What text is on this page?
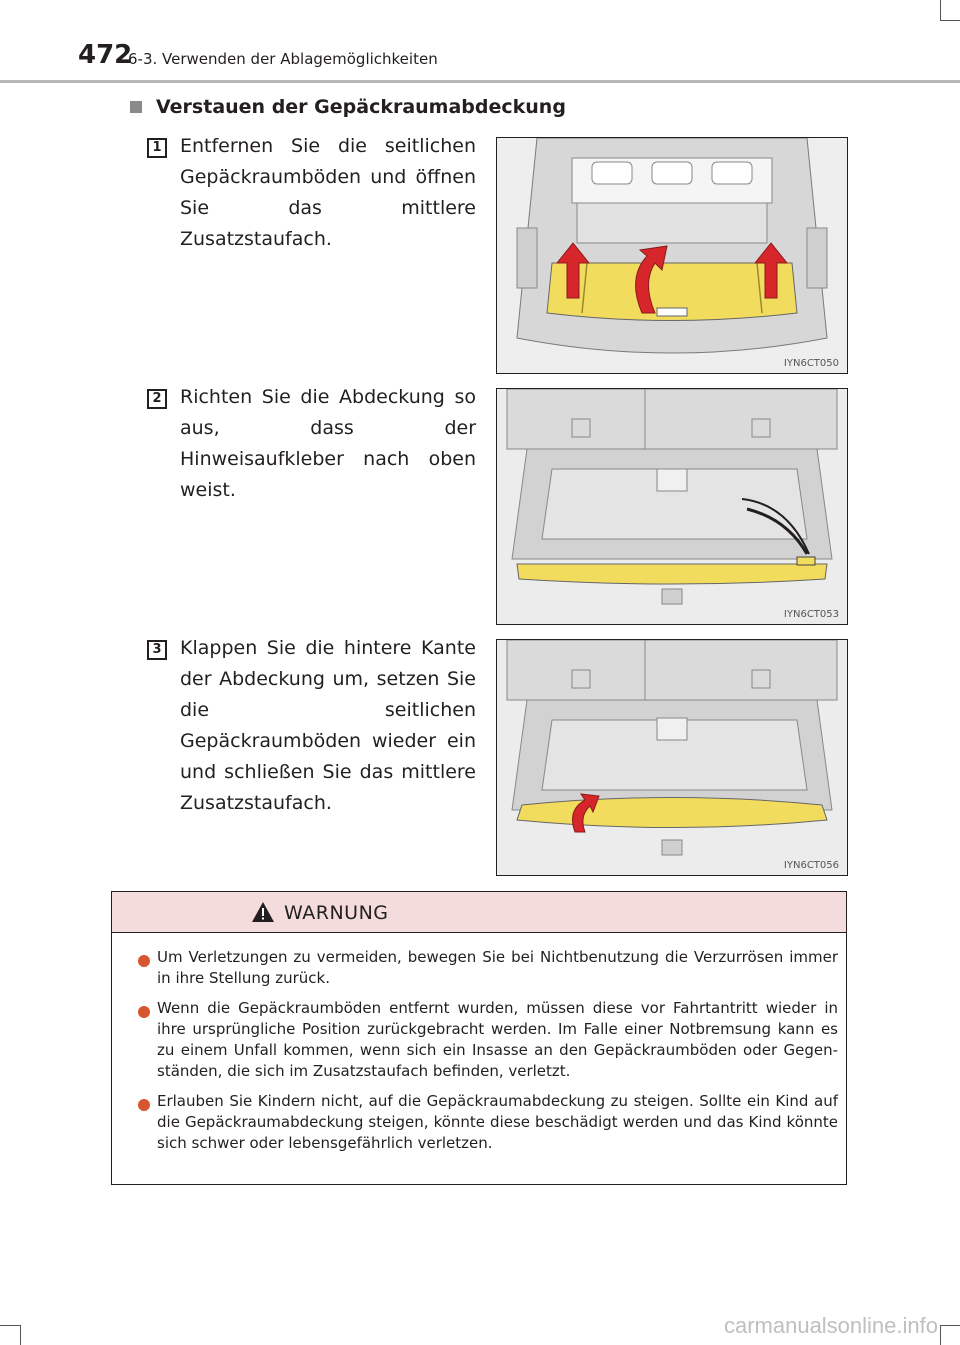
472
6-3. Verwenden der Ablagemöglichkeiten
Verstauen der Gepäckraumabdeckung
1 Entfernen Sie die seitlichen Gepäckraumböden und öffnen Sie das mittlere Zusatzstaufach.
IYN6CT050
2 Richten Sie die Abdeckung so aus, dass der Hinweisaufkleber nach oben weist.
IYN6CT053
3 Klappen Sie die hintere Kante der Abdeckung um, setzen Sie die seitlichen Gepäckraumböden wieder ein und schließen Sie das mittlere Zusatzstaufach.
IYN6CT056
WARNUNG
Um Verletzungen zu vermeiden, bewegen Sie bei Nichtbenutzung die Verzurrösen immer in ihre Stellung zurück.
Wenn die Gepäckraumböden entfernt wurden, müssen diese vor Fahrtantritt wieder in ihre ursprüngliche Position zurückgebracht werden. Im Falle einer Notbremsung kann es zu einem Unfall kommen, wenn sich ein Insasse an den Gepäckraumböden oder Gegen-ständen, die sich im Zusatzstaufach befinden, verletzt.
Erlauben Sie Kindern nicht, auf die Gepäckraumabdeckung zu steigen. Sollte ein Kind auf die Gepäckraumabdeckung steigen, könnte diese beschädigt werden und das Kind könnte sich schwer oder lebensgefährlich verletzen.
carmanualsonline.info
